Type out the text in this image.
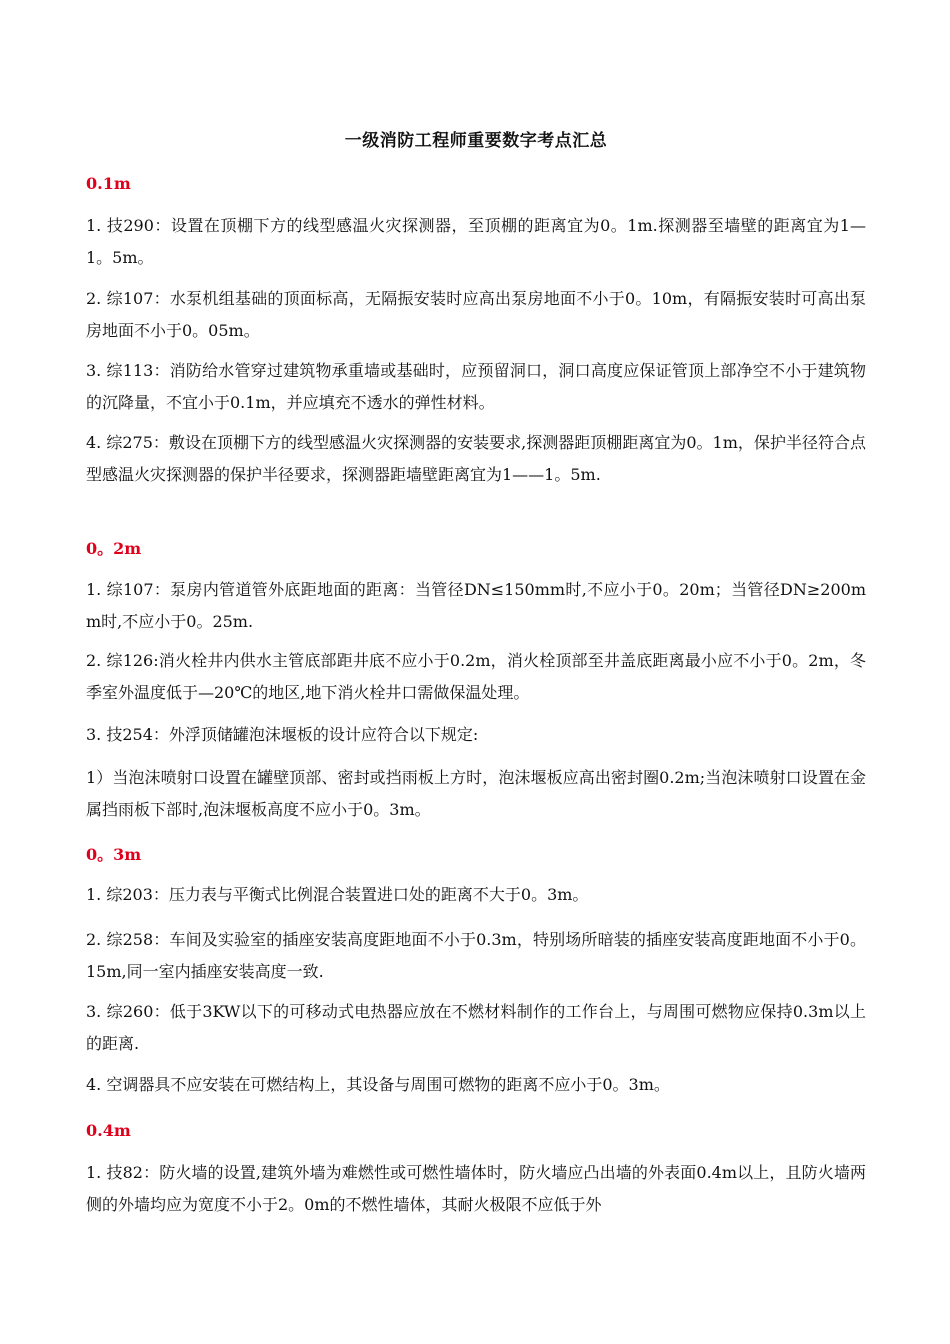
一级消防工程师重要数字考点汇总
0.1m

1. 技290：设置在顶棚下方的线型感温火灾探测器，至顶棚的距离宜为0。1m.探测器至墙壁的距离宜为1—1。5m。

2. 综107：水泵机组基础的顶面标高，无隔振安装时应高出泵房地面不小于0。10m，有隔振安装时可高出泵房地面不小于0。05m。

3. 综113：消防给水管穿过建筑物承重墙或基础时，应预留洞口，洞口高度应保证管顶上部净空不小于建筑物的沉降量，不宜小于0.1m，并应填充不透水的弹性材料。

4. 综275：敷设在顶棚下方的线型感温火灾探测器的安装要求,探测器距顶棚距离宜为0。1m，保护半径符合点型感温火灾探测器的保护半径要求，探测器距墙壁距离宜为1——1。5m.

0。2m

1. 综107：泵房内管道管外底距地面的距离：当管径DN≤150mm时,不应小于0。20m；当管径DN≥200mm时,不应小于0。25m.

2. 综126:消火栓井内供水主管底部距井底不应小于0.2m，消火栓顶部至井盖底距离最小应不小于0。2m，冬季室外温度低于—20℃的地区,地下消火栓井口需做保温处理。

3. 技254：外浮顶储罐泡沫堰板的设计应符合以下规定:

1）当泡沫喷射口设置在罐壁顶部、密封或挡雨板上方时，泡沫堰板应高出密封圈0.2m;当泡沫喷射口设置在金属挡雨板下部时,泡沫堰板高度不应小于0。3m。

0。3m

1. 综203：压力表与平衡式比例混合装置进口处的距离不大于0。3m。

2. 综258：车间及实验室的插座安装高度距地面不小于0.3m，特别场所暗装的插座安装高度距地面不小于0。15m,同一室内插座安装高度一致.

3. 综260：低于3KW以下的可移动式电热器应放在不燃材料制作的工作台上，与周围可燃物应保持0.3m以上的距离.

4. 空调器具不应安装在可燃结构上，其设备与周围可燃物的距离不应小于0。3m。

0.4m

1. 技82：防火墙的设置,建筑外墙为难燃性或可燃性墙体时，防火墙应凸出墙的外表面0.4m以上，且防火墙两侧的外墙均应为宽度不小于2。0m的不燃性墙体，其耐火极限不应低于外
